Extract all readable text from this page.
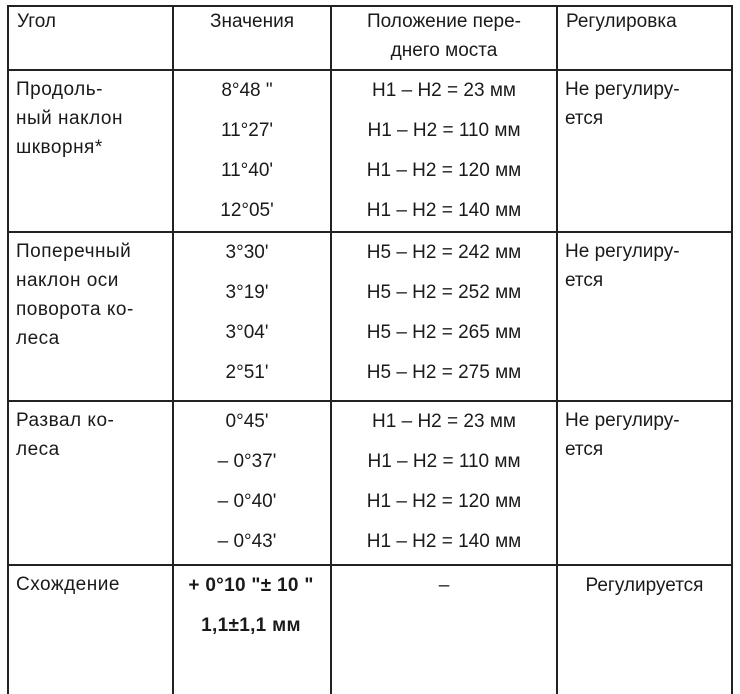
Угол	Значения	Положение пере-
днего моста	Регулировка

Продоль-
ный наклон
шкворня*	8°48 "
11°27'
11°40'
12°05'	H1 – H2 = 23 мм
H1 – H2 = 110 мм
H1 – H2 = 120 мм
H1 – H2 = 140 мм	Не регулиру-
ется

Поперечный
наклон оси
поворота ко-
леса	3°30'
3°19'
3°04'
2°51'	H5 – H2 = 242 мм
H5 – H2 = 252 мм
H5 – H2 = 265 мм
H5 – H2 = 275 мм	Не регулиру-
ется

Развал ко-
леса	0°45'
– 0°37'
– 0°40'
– 0°43'	H1 – H2 = 23 мм
H1 – H2 = 110 мм
H1 – H2 = 120 мм
H1 – H2 = 140 мм	Не регулиру-
ется

Схождение	+ 0°10 "± 10 "
1,1±1,1 мм	–	Регулируется
